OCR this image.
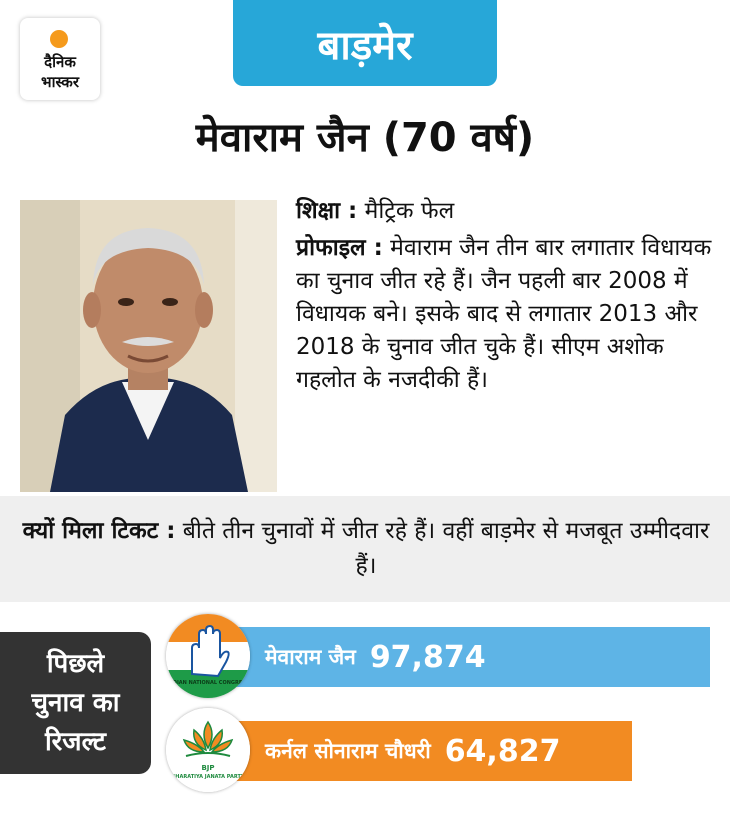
दैनिक
भास्कर
बाड़मेर
मेवाराम जैन (70 वर्ष)

शिक्षा : मैट्रिक फेल

प्रोफाइल : मेवाराम जैन तीन बार लगातार विधायक का चुनाव जीत रहे हैं। जैन पहली बार 2008 में विधायक बने। इसके बाद से लगातार 2013 और 2018 के चुनाव जीत चुके हैं। सीएम अशोक गहलोत के नजदीकी हैं।

क्यों मिला टिकट : बीते तीन चुनावों में जीत रहे हैं। वहीं बाड़मेर से मजबूत उम्मीदवार हैं।
पिछले
चुनाव का
रिजल्ट
मेवाराम जैन 97,874
कर्नल सोनाराम चौधरी 64,827
INDIAN NATIONAL CONGRESS
BJP
BHARATIYA JANATA PARTY
